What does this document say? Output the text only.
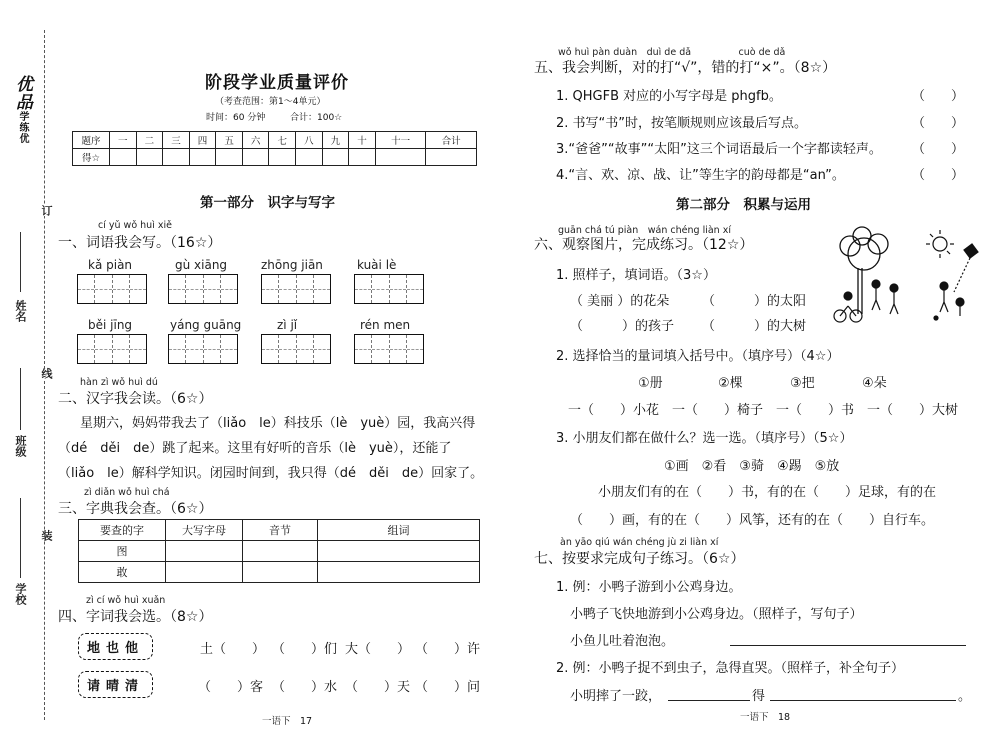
优品学练优
订
线
装
姓名
班级
学校
阶段学业质量评价
（考查范围：第1～4单元）
时间：60 分钟	合计：100☆
题序	一	二	三	四	五	六	七	八	九	十	十一	合计
得☆												
第一部分　识字与写字
cí yǔ wǒ huì xiě
一、词语我会写。（16☆）
kǎ piàn	gù xiāng	zhōng jiān	kuài lè
běi jīng	yáng guāng	zì jǐ	rén men
hàn zì wǒ huì dú
二、汉字我会读。（6☆）
星期六，妈妈带我去了（liǎo　le）科技乐（lè　yuè）园，我高兴得
（dé　děi　de）跳了起来。这里有好听的音乐（lè　yuè），还能了
（liǎo　le）解科学知识。闭园时间到，我只得（dé　děi　de）回家了。
zì diǎn wǒ huì chá
三、字典我会查。（6☆）
要查的字	大写字母	音节	组词
图			
敢			
zì cí wǒ huì xuǎn
四、字词我会选。（8☆）
地也他
请晴清
土（　　） （　　）们 大（　　） （　　）许
（　　）客 （　　）水 （　　）天 （　　）问
一语下　17
wǒ huì pàn duàn　duì de dǎ　　　　　cuò de dǎ
五、我会判断，对的打“√”，错的打“×”。（8☆）
1. QHGFB 对应的小写字母是 phgfb。
2. 书写“书”时，按笔顺规则应该最后写点。
3.“爸爸”“故事”“太阳”这三个词语最后一个字都读轻声。
4.“言、欢、凉、战、让”等生字的韵母都是“an”。
（　　）
（　　）
（　　）
（　　）
第二部分　积累与运用
guān chá tú piàn　wán chéng liàn xí
六、观察图片，完成练习。（12☆）
1. 照样子，填词语。（3☆）
（ 美丽 ）的花朵	（　　　）的太阳
（　　　）的孩子 （　　　）的大树
2. 选择恰当的量词填入括号中。（填序号）（4☆）
①册	②棵	③把	④朵
一（　　）小花　一（　　）椅子　一（　　）书　一（　　）大树
3. 小朋友们都在做什么？选一选。（填序号）（5☆）
①画　②看　③骑　④踢　⑤放
小朋友们有的在（　　）书，有的在（　　）足球，有的在
（　　）画，有的在（　　）风筝，还有的在（　　）自行车。
àn yāo qiú wán chéng jù zi liàn xí
七、按要求完成句子练习。（6☆）
1. 例：小鸭子游到小公鸡身边。
小鸭子飞快地游到小公鸡身边。（照样子，写句子）
小鱼儿吐着泡泡。
2. 例：小鸭子捉不到虫子，急得直哭。（照样子，补全句子）
小明摔了一跤，	得	。
一语下　18
